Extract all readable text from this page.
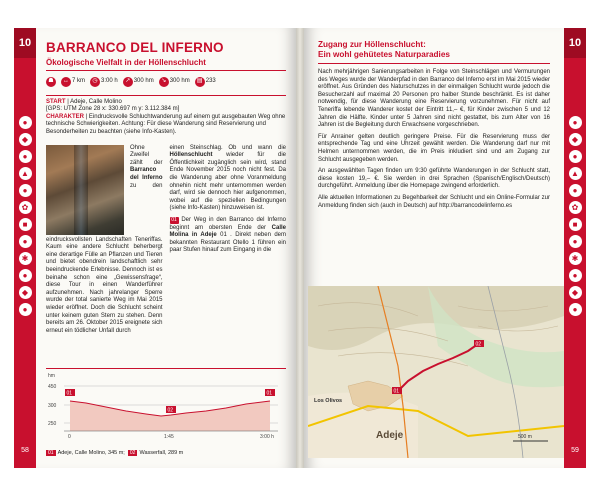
10
●
◆
●
▲
●
✿
■
●
✱
●
◆
●
58
BARRANCO DEL INFERNO
Ökologische Vielfalt in der Höllenschlucht
☗	↔ 7 km	◷ 3:00 h	↗ 300 hm	↘ 300 hm	▤ 233
START | Adeje, Calle Molino
[GPS: UTM Zone 28 x: 330.697 m y: 3.112.384 m]
CHARAKTER | Eindrucksvolle Schluchtwanderung auf einem gut ausgebauten Weg ohne technische Schwierigkeiten. Achtung: Für diese Wanderung sind Reservierung und Besonderheiten zu beachten (siehe Info-Kasten).

Ohne Zweifel zählt der Barranco del Inferno zu den eindrucksvollsten Landschaften Teneriffas. Kaum eine andere Schlucht beherbergt eine derartige Fülle an Pflanzen und Tieren und bietet obendrein landschaftlich sehr beeindruckende Erlebnisse. Dennoch ist es beinahe schon eine „Gewissensfrage“, diese Tour in einen Wanderführer aufzunehmen. Nach jahrelanger Sperre wurde der total sanierte Weg im Mai 2015 wieder eröffnet. Doch die Schlucht scheint unter keinem guten Stern zu stehen. Denn bereits am 26. Oktober 2015 ereignete sich erneut ein tödlicher Unfall durch

einen Steinschlag. Ob und wann die Höllenschlucht wieder für die Öffentlichkeit zugänglich sein wird, stand Ende November 2015 noch nicht fest. Da die Wanderung aber ohne Voranmeldung ohnehin nicht mehr unternommen werden darf, wird sie dennoch hier aufgenommen, wobei auf die speziellen Bedingungen (siehe Info-Kasten) hinzuweisen ist.

01 Der Weg in den Barranco del Inferno beginnt am obersten Ende der Calle Molina in Adeje 01 . Direkt neben dem bekannten Restaurant Otello 1 führen ein paar Stufen hinauf zum Eingang in die

hm
450
300
250
01
02
01
0	1:45	3:00 h
01 Adeje, Calle Molino, 345 m; 02 Wasserfall, 289 m
10
●
◆
●
▲
●
✿
■
●
✱
●
◆
●
59
Zugang zur Höllenschlucht:
Ein wohl gehütetes Naturparadies

Nach mehrjährigen Sanierungsarbeiten in Folge von Steinschlägen und Vermurungen des Weges wurde der Wanderpfad in den Barranco del Inferno erst im Mai 2015 wieder eröffnet. Aus Gründen des Naturschutzes in der einmaligen Schlucht wurde jedoch die Besucherzahl auf maximal 20 Personen pro halber Stunde beschränkt. Es ist daher notwendig, für diese Wanderung eine Reservierung vorzunehmen. Für nicht auf Teneriffa lebende Wanderer kostet der Eintritt 11,– €, für Kinder zwischen 5 und 12 Jahren die Hälfte. Kinder unter 5 Jahren sind nicht gestattet, bis zum Alter von 16 Jahren ist die Begleitung durch Erwachsene vorgeschrieben.

Für Anrainer gelten deutlich geringere Preise. Für die Reservierung muss der entsprechende Tag und eine Uhrzeit gewählt werden. Die Wanderung darf nur mit Helmen unternommen werden, die im Preis inkludiert sind und am Zugang zur Schlucht ausgegeben werden.

An ausgewählten Tagen finden um 9:30 geführte Wanderungen in der Schlucht statt, diese kosten 19,– €. Sie werden in drei Sprachen (Spanisch/Englisch/Deutsch) durchgeführt. Anmeldung über die Homepage zwingend erforderlich.

Alle aktuellen Informationen zu Begehbarkeit der Schlucht und ein Online-Formular zur Anmeldung finden sich (auch in Deutsch) auf http://barrancodelinferno.es

01
02
500 m
Adeje
Los Olivos
